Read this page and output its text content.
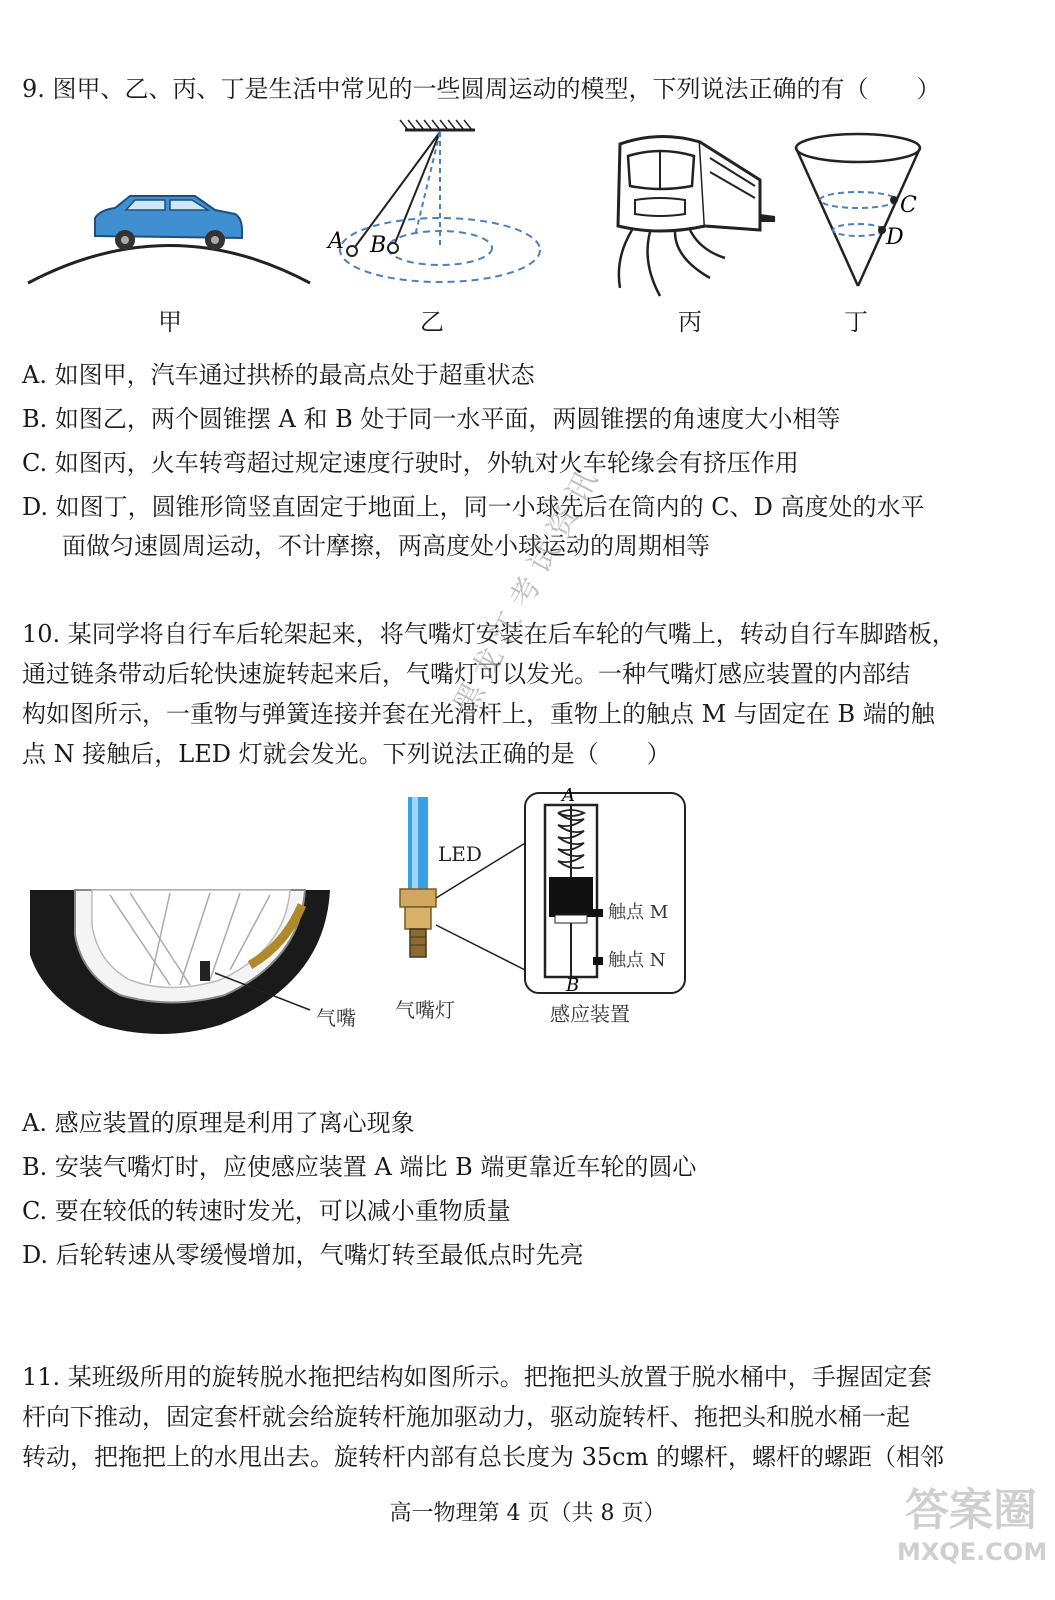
9. 图甲、乙、丙、丁是生活中常见的一些圆周运动的模型，下列说法正确的有（　　）
A B
C
D
甲	乙	丙	丁
A. 如图甲，汽车通过拱桥的最高点处于超重状态
B. 如图乙，两个圆锥摆 A 和 B 处于同一水平面，两圆锥摆的角速度大小相等
C. 如图丙，火车转弯超过规定速度行驶时，外轨对火车轮缘会有挤压作用
D. 如图丁，圆锥形筒竖直固定于地面上，同一小球先后在筒内的 C、D 高度处的水平
面做匀速圆周运动，不计摩擦，两高度处小球运动的周期相等
10. 某同学将自行车后轮架起来，将气嘴灯安装在后车轮的气嘴上，转动自行车脚踏板，
通过链条带动后轮快速旋转起来后，气嘴灯可以发光。一种气嘴灯感应装置的内部结
构如图所示，一重物与弹簧连接并套在光滑杆上，重物上的触点 M 与固定在 B 端的触
点 N 接触后，LED 灯就会发光。下列说法正确的是（　　）
气嘴
LED
气嘴灯
A
B
触点 M
触点 N
感应装置
黑龙江考试资讯
A. 感应装置的原理是利用了离心现象
B. 安装气嘴灯时，应使感应装置 A 端比 B 端更靠近车轮的圆心
C. 要在较低的转速时发光，可以减小重物质量
D. 后轮转速从零缓慢增加，气嘴灯转至最低点时先亮
11. 某班级所用的旋转脱水拖把结构如图所示。把拖把头放置于脱水桶中，手握固定套
杆向下推动，固定套杆就会给旋转杆施加驱动力，驱动旋转杆、拖把头和脱水桶一起
转动，把拖把上的水甩出去。旋转杆内部有总长度为 35cm 的螺杆，螺杆的螺距（相邻
高一物理第 4 页（共 8 页）	答案圈
MXQE.COM
